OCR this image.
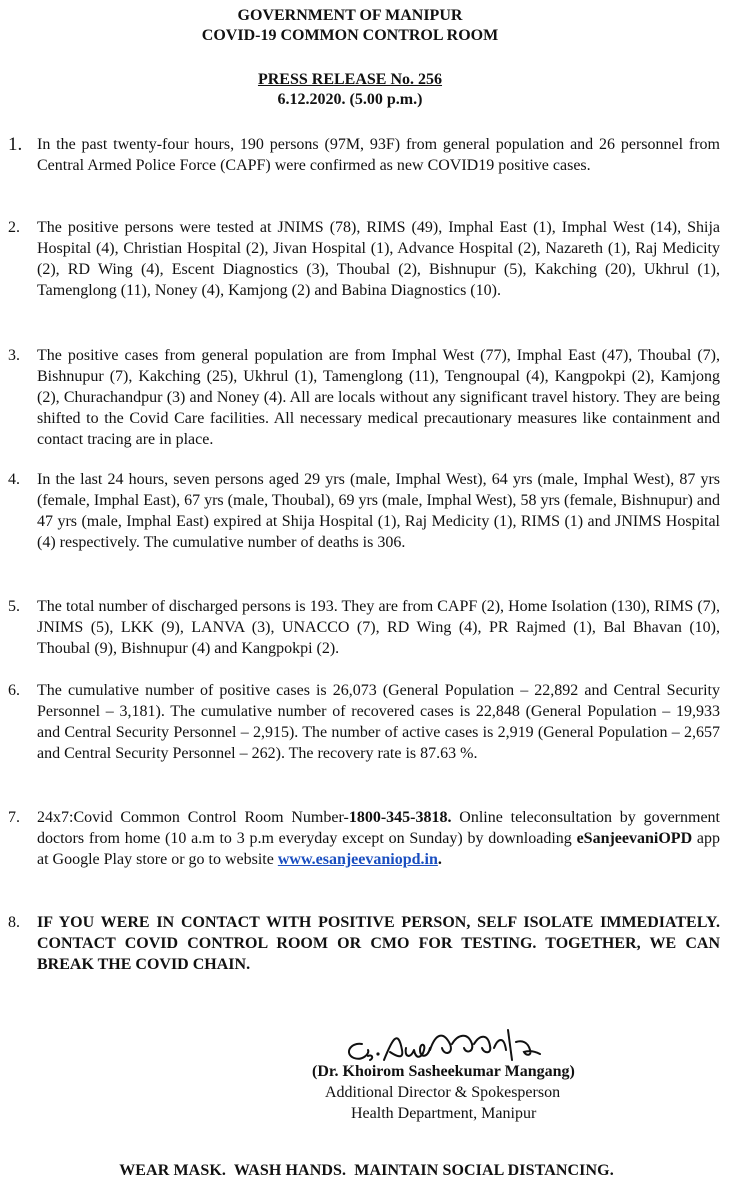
GOVERNMENT OF MANIPUR
COVID-19 COMMON CONTROL ROOM
PRESS RELEASE No. 256
6.12.2020. (5.00 p.m.)
1. In the past twenty-four hours, 190 persons (97M, 93F) from general population and 26 personnel from Central Armed Police Force (CAPF) were confirmed as new COVID19 positive cases.
2.	The positive persons were tested at JNIMS (78), RIMS (49), Imphal East (1), Imphal West (14), Shija Hospital (4), Christian Hospital (2), Jivan Hospital (1), Advance Hospital (2), Nazareth (1), Raj Medicity (2), RD Wing (4), Escent Diagnostics (3), Thoubal (2), Bishnupur (5), Kakching (20), Ukhrul (1), Tamenglong (11), Noney (4), Kamjong (2) and Babina Diagnostics (10).
3.	The positive cases from general population are from Imphal West (77), Imphal East (47), Thoubal (7), Bishnupur (7), Kakching (25), Ukhrul (1), Tamenglong (11), Tengnoupal (4), Kangpokpi (2), Kamjong (2), Churachandpur (3) and Noney (4). All are locals without any significant travel history. They are being shifted to the Covid Care facilities. All necessary medical precautionary measures like containment and contact tracing are in place.
4.	In the last 24 hours, seven persons aged 29 yrs (male, Imphal West), 64 yrs (male, Imphal West), 87 yrs (female, Imphal East), 67 yrs (male, Thoubal), 69 yrs (male, Imphal West), 58 yrs (female, Bishnupur) and 47 yrs (male, Imphal East) expired at Shija Hospital (1), Raj Medicity (1), RIMS (1) and JNIMS Hospital (4) respectively. The cumulative number of deaths is 306.
5.	The total number of discharged persons is 193. They are from CAPF (2), Home Isolation (130), RIMS (7), JNIMS (5), LKK (9), LANVA (3), UNACCO (7), RD Wing (4), PR Rajmed (1), Bal Bhavan (10), Thoubal (9), Bishnupur (4) and Kangpokpi (2).
6.	The cumulative number of positive cases is 26,073 (General Population – 22,892 and Central Security Personnel – 3,181). The cumulative number of recovered cases is 22,848 (General Population – 19,933 and Central Security Personnel – 2,915). The number of active cases is 2,919 (General Population – 2,657 and Central Security Personnel – 262). The recovery rate is 87.63 %.
7.	24x7:Covid Common Control Room Number-1800-345-3818. Online teleconsultation by government doctors from home (10 a.m to 3 p.m everyday except on Sunday) by downloading eSanjeevaniOPD app at Google Play store or go to website www.esanjeevaniopd.in.
8.	IF YOU WERE IN CONTACT WITH POSITIVE PERSON, SELF ISOLATE IMMEDIATELY. CONTACT COVID CONTROL ROOM OR CMO FOR TESTING. TOGETHER, WE CAN BREAK THE COVID CHAIN.
(Dr. Khoirom Sasheekumar Mangang)
Additional Director & Spokesperson
Health Department, Manipur
WEAR MASK.  WASH HANDS.  MAINTAIN SOCIAL DISTANCING.
